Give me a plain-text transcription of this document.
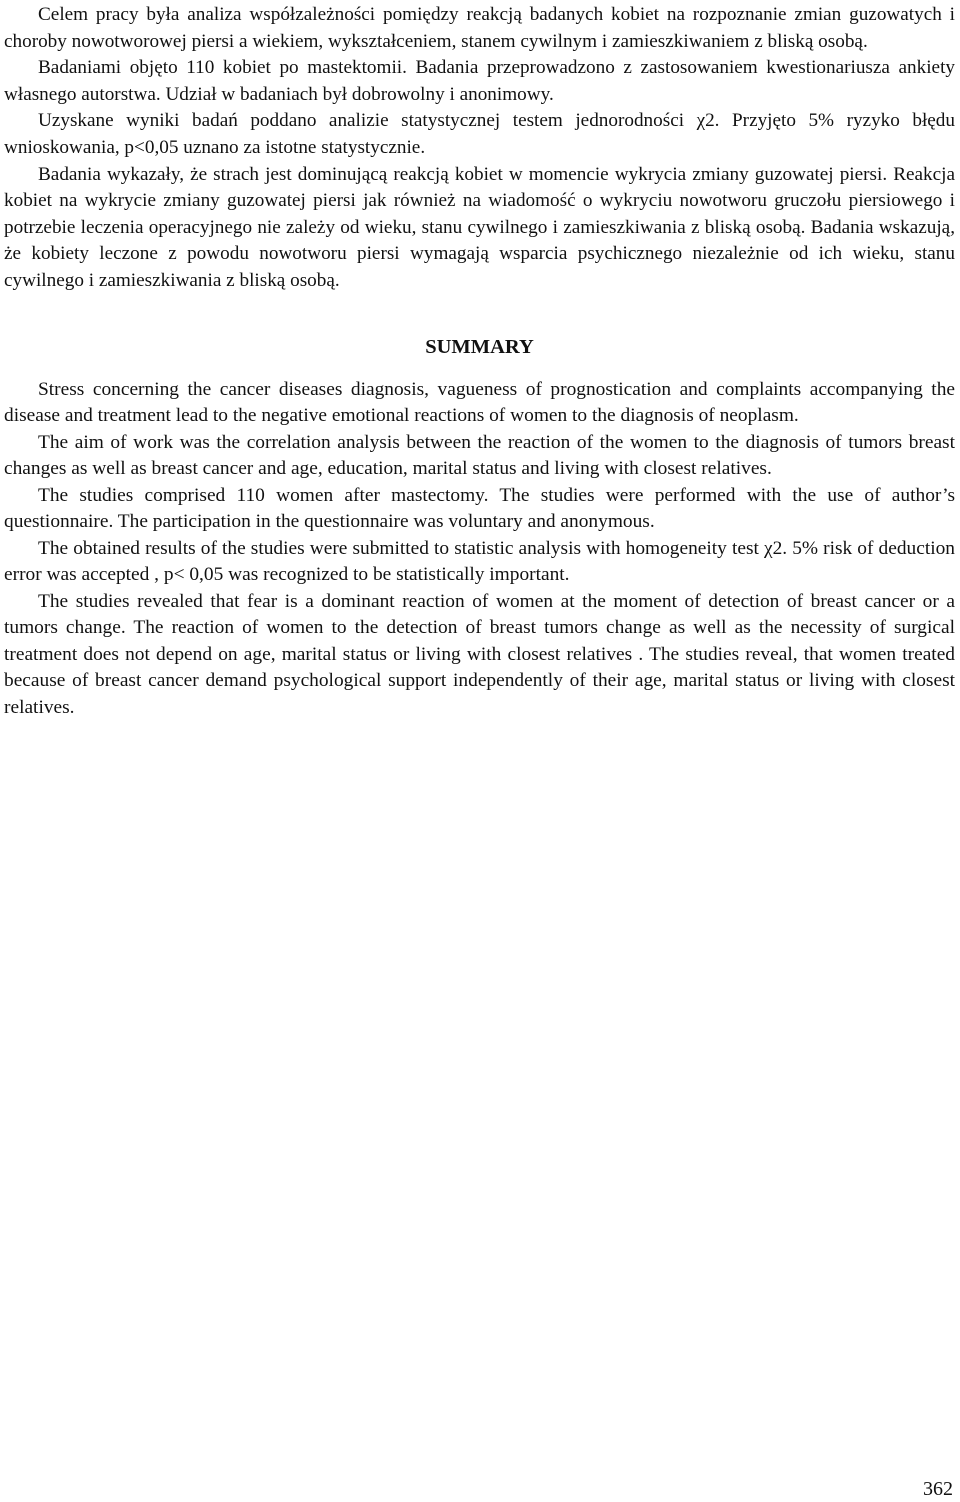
Celem pracy była analiza współzależności pomiędzy reakcją badanych kobiet na rozpoznanie zmian guzowatych i choroby nowotworowej piersi a wiekiem, wykształceniem, stanem cywilnym i zamieszkiwaniem z bliską osobą.

Badaniami objęto 110 kobiet po mastektomii. Badania przeprowadzono z zastosowaniem kwestionariusza ankiety własnego autorstwa. Udział w badaniach był dobrowolny i anonimowy.

Uzyskane wyniki badań poddano analizie statystycznej testem jednorodności χ2. Przyjęto 5% ryzyko błędu wnioskowania, p<0,05 uznano za istotne statystycznie.

Badania wykazały, że strach jest dominującą reakcją kobiet w momencie wykrycia zmiany guzowatej piersi. Reakcja kobiet na wykrycie zmiany guzowatej piersi jak również na wiadomość o wykryciu nowotworu gruczołu piersiowego i potrzebie leczenia operacyjnego nie zależy od wieku, stanu cywilnego i zamieszkiwania z bliską osobą. Badania wskazują, że kobiety leczone z powodu nowotworu piersi wymagają wsparcia psychicznego niezależnie od ich wieku, stanu cywilnego i zamieszkiwania z bliską osobą.

SUMMARY

Stress concerning the cancer diseases diagnosis, vagueness of prognostication and complaints accompanying the disease and treatment lead to the negative emotional reactions of women to the diagnosis of neoplasm.

The aim of work was the correlation analysis between the reaction of the women to the diagnosis of tumors breast changes as well as breast cancer and age, education, marital status and living with closest relatives.

The studies comprised 110 women after mastectomy. The studies were performed with the use of author’s questionnaire. The participation in the questionnaire was voluntary and anonymous.

The obtained results of the studies were submitted to statistic analysis with homogeneity test χ2. 5% risk of deduction error was accepted , p< 0,05 was recognized to be statistically important.

The studies revealed that fear is a dominant reaction of women at the moment of detection of breast cancer or a tumors change. The reaction of women to the detection of breast tumors change as well as the necessity of surgical treatment does not depend on age, marital status or living with closest relatives . The studies reveal, that women treated because of breast cancer demand psychological support independently of their age, marital status or living with closest relatives.

362
